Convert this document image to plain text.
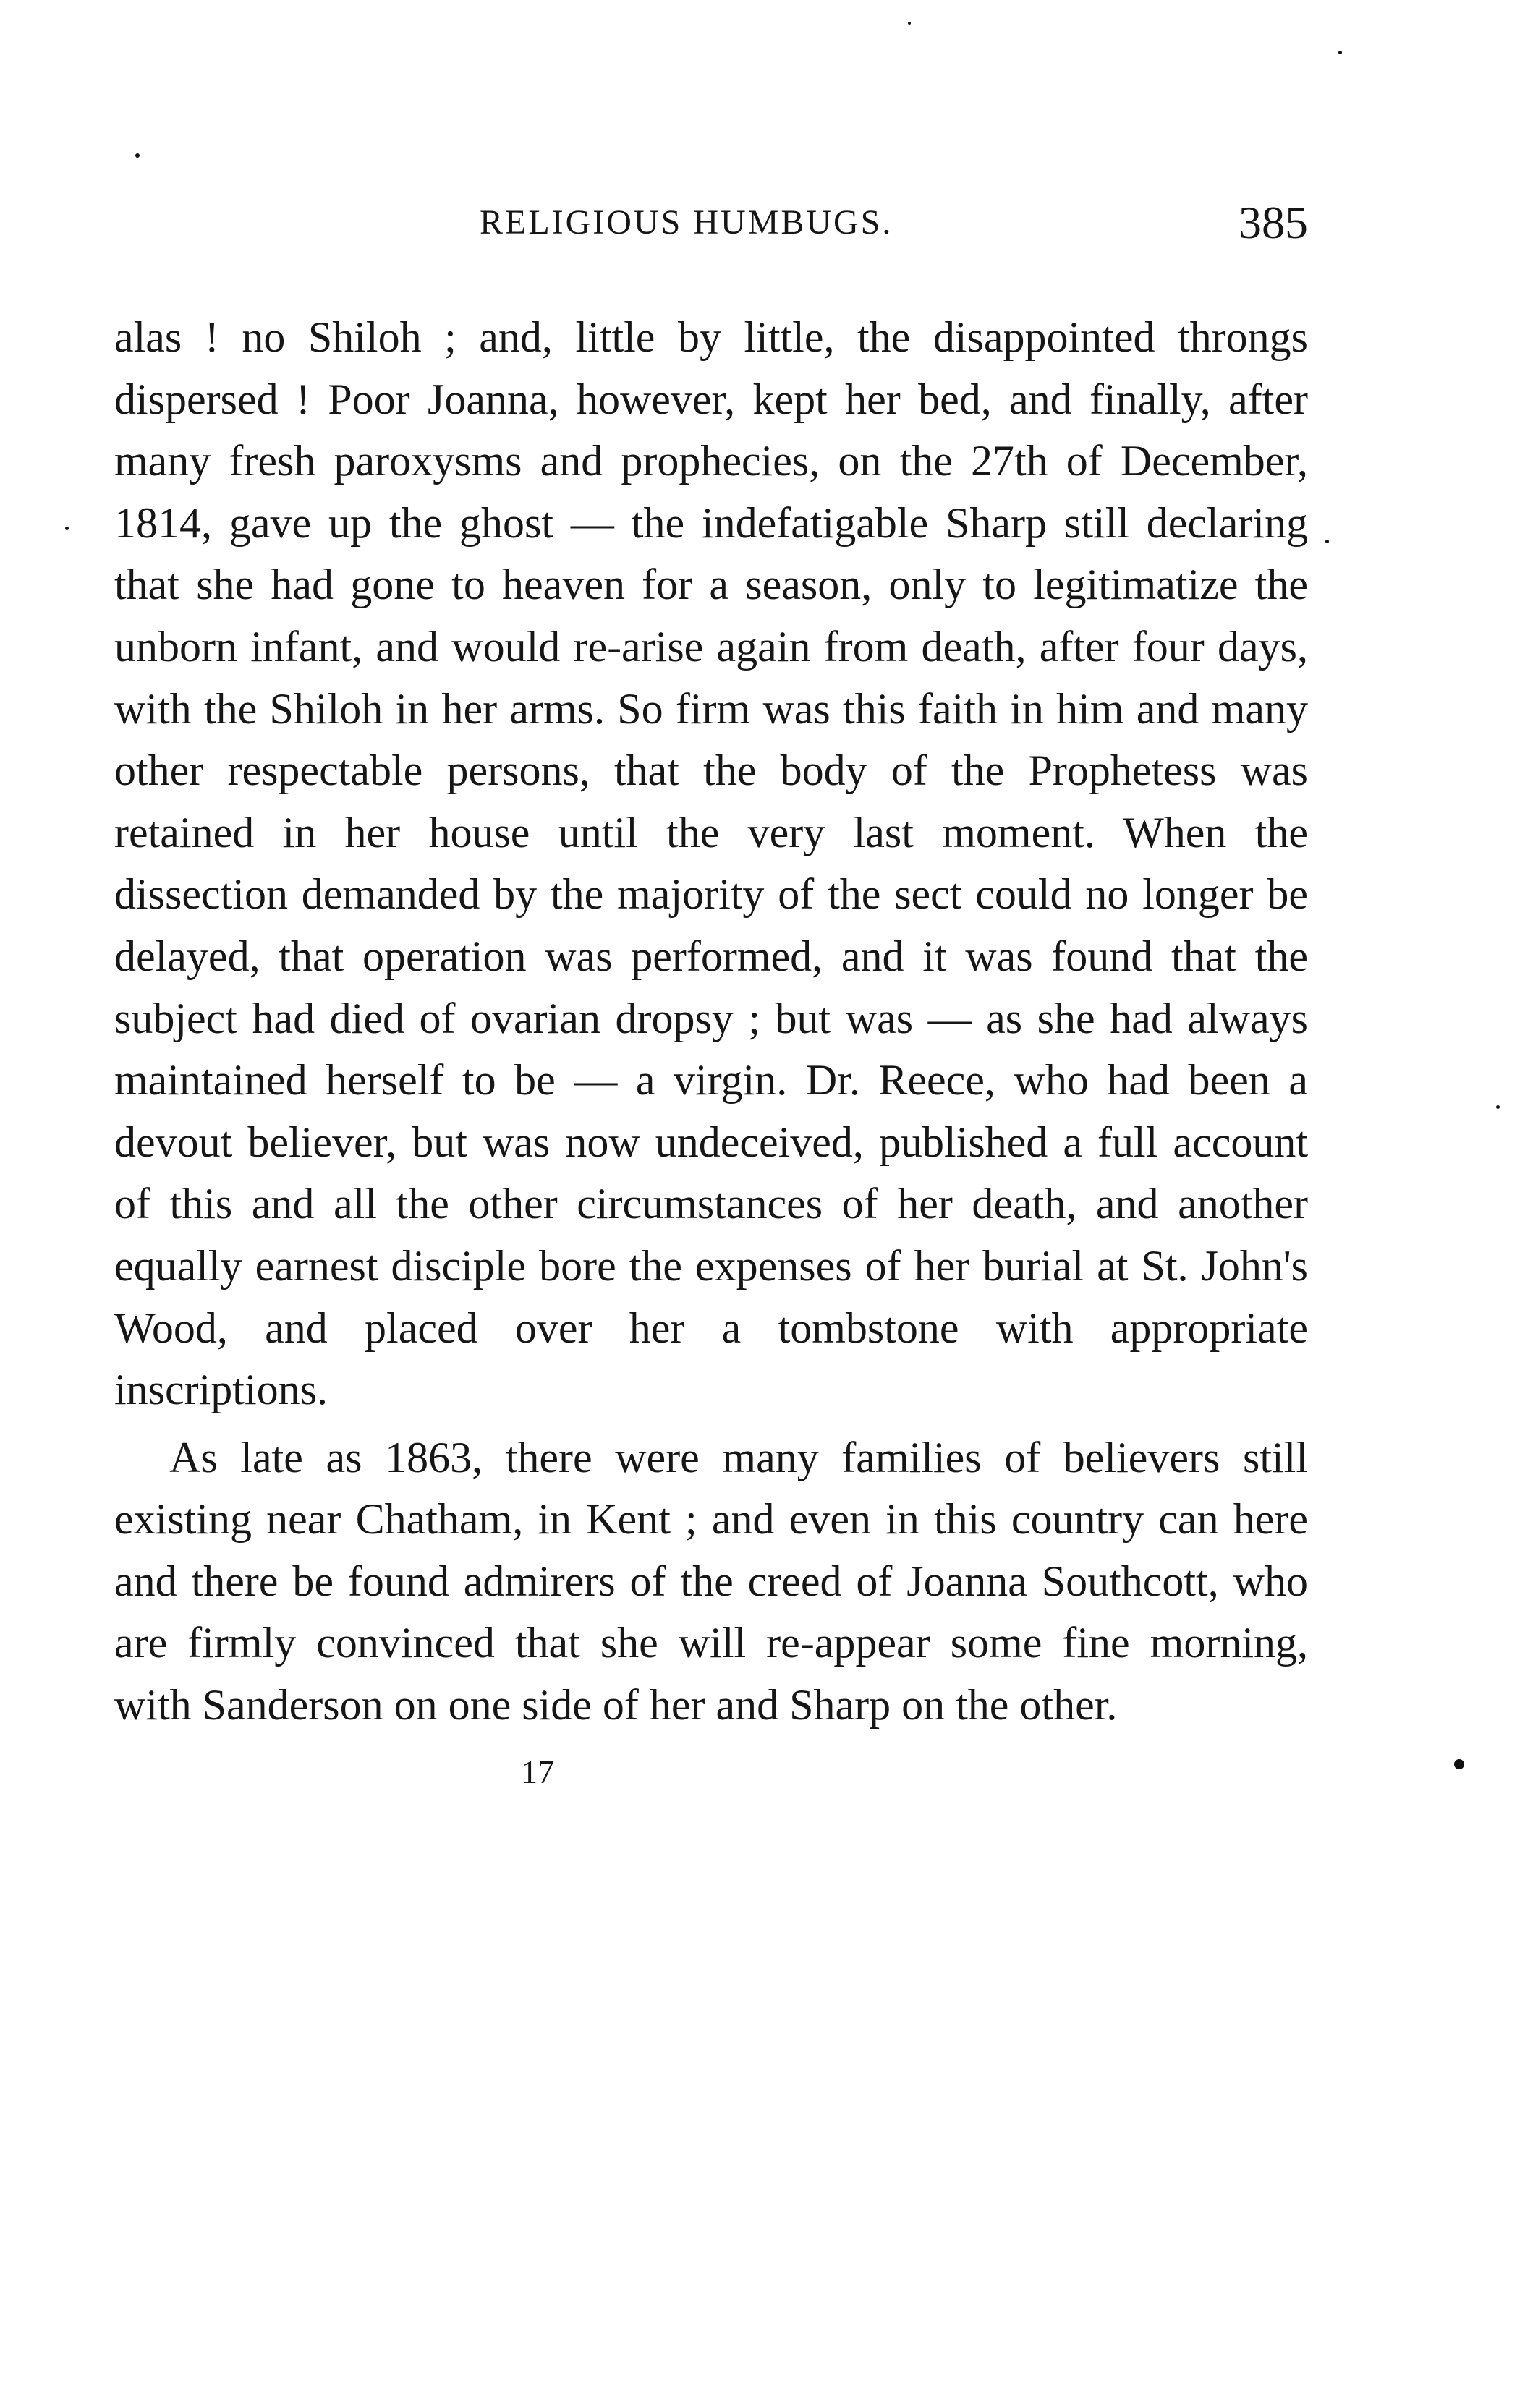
RELIGIOUS HUMBUGS.	385

alas ! no Shiloh ; and, little by little, the disappointed throngs dispersed ! Poor Joanna, however, kept her bed, and finally, after many fresh paroxysms and prophecies, on the 27th of December, 1814, gave up the ghost — the indefatigable Sharp still declaring that she had gone to heaven for a season, only to legitimatize the unborn infant, and would re-arise again from death, after four days, with the Shiloh in her arms. So firm was this faith in him and many other respectable persons, that the body of the Prophetess was retained in her house until the very last moment. When the dissection demanded by the majority of the sect could no longer be delayed, that operation was performed, and it was found that the subject had died of ovarian dropsy ; but was — as she had always maintained herself to be — a virgin. Dr. Reece, who had been a devout believer, but was now undeceived, published a full account of this and all the other circumstances of her death, and another equally earnest disciple bore the expenses of her burial at St. John's Wood, and placed over her a tombstone with appropriate inscriptions.

As late as 1863, there were many families of believers still existing near Chatham, in Kent ; and even in this country can here and there be found admirers of the creed of Joanna Southcott, who are firmly convinced that she will re-appear some fine morning, with Sanderson on one side of her and Sharp on the other.

17
